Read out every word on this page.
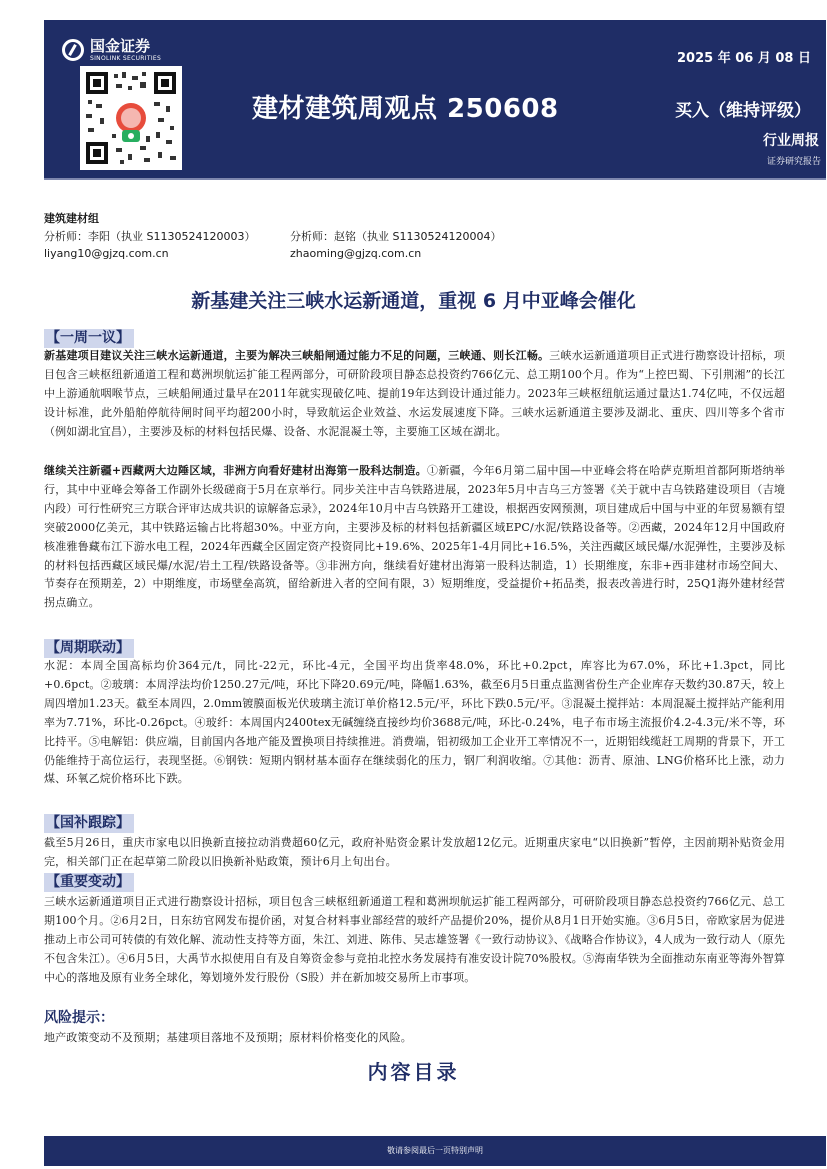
国金证券
SINOLINK SECURITIES	2025 年 06 月 08 日
建材建筑周观点 250608	买入（维持评级）
行业周报
证券研究报告
建筑建材组
分析师：李阳（执业 S1130524120003）	分析师：赵铭（执业 S1130524120004）
liyang10@gjzq.com.cn	zhaoming@gjzq.com.cn
新基建关注三峡水运新通道，重视 6 月中亚峰会催化
【一周一议】
新基建项目建议关注三峡水运新通道，主要为解决三峡船闸通过能力不足的问题，三峡通、则长江畅。三峡水运新通道项目正式进行勘察设计招标，项目包含三峡枢纽新通道工程和葛洲坝航运扩能工程两部分，可研阶段项目静态总投资约766亿元、总工期100个月。作为“上控巴蜀、下引荆湘”的长江中上游通航咽喉节点，三峡船闸通过量早在2011年就实现破亿吨、提前19年达到设计通过能力。2023年三峡枢纽航运通过量达1.74亿吨，不仅远超设计标准，此外船舶停航待闸时间平均超200小时，导致航运企业效益、水运发展速度下降。三峡水运新通道主要涉及湖北、重庆、四川等多个省市（例如湖北宜昌），主要涉及标的材料包括民爆、设备、水泥混凝土等，主要施工区域在湖北。
继续关注新疆+西藏两大边陲区域，非洲方向看好建材出海第一股科达制造。①新疆，今年6月第二届中国—中亚峰会将在哈萨克斯坦首都阿斯塔纳举行，其中中亚峰会筹备工作副外长级磋商于5月在京举行。同步关注中吉乌铁路进展，2023年5月中吉乌三方签署《关于就中吉乌铁路建设项目（吉境内段）可行性研究三方联合评审达成共识的谅解备忘录》，2024年10月中吉乌铁路开工建设，根据西安网预测，项目建成后中国与中亚的年贸易额有望突破2000亿美元，其中铁路运输占比将超30%。中亚方向，主要涉及标的材料包括新疆区域EPC/水泥/铁路设备等。②西藏，2024年12月中国政府核准雅鲁藏布江下游水电工程，2024年西藏全区固定资产投资同比+19.6%、2025年1-4月同比+16.5%，关注西藏区域民爆/水泥弹性，主要涉及标的材料包括西藏区域民爆/水泥/岩土工程/铁路设备等。③非洲方向，继续看好建材出海第一股科达制造，1）长期维度，东非+西非建材市场空间大、节奏存在预期差，2）中期维度，市场壁垒高筑，留给新进入者的空间有限，3）短期维度，受益提价+拓品类，报表改善进行时，25Q1海外建材经营拐点确立。
【周期联动】
水泥：本周全国高标均价364元/t，同比-22元，环比-4元，全国平均出货率48.0%，环比+0.2pct，库容比为67.0%，环比+1.3pct，同比+0.6pct。②玻璃：本周浮法均价1250.27元/吨，环比下降20.69元/吨，降幅1.63%，截至6月5日重点监测省份生产企业库存天数约30.87天，较上周四增加1.23天。截至本周四，2.0mm镀膜面板光伏玻璃主流订单价格12.5元/平，环比下跌0.5元/平。③混凝土搅拌站：本周混凝土搅拌站产能利用率为7.71%，环比-0.26pct。④玻纤：本周国内2400tex无碱缠绕直接纱均价3688元/吨，环比-0.24%，电子布市场主流报价4.2-4.3元/米不等，环比持平。⑤电解铝：供应端，目前国内各地产能及置换项目持续推进。消费端，铝初级加工企业开工率情况不一，近期铝线缆赶工周期的背景下，开工仍能维持于高位运行，表现坚挺。⑥钢铁：短期内钢材基本面存在继续弱化的压力，钢厂利润收缩。⑦其他：沥青、原油、LNG价格环比上涨，动力煤、环氧乙烷价格环比下跌。
【国补跟踪】
截至5月26日，重庆市家电以旧换新直接拉动消费超60亿元，政府补贴资金累计发放超12亿元。近期重庆家电“以旧换新”暂停，主因前期补贴资金用完，相关部门正在起草第二阶段以旧换新补贴政策，预计6月上旬出台。
【重要变动】
三峡水运新通道项目正式进行勘察设计招标，项目包含三峡枢纽新通道工程和葛洲坝航运扩能工程两部分，可研阶段项目静态总投资约766亿元、总工期100个月。②6月2日，日东纺官网发布提价函，对复合材料事业部经营的玻纤产品提价20%，提价从8月1日开始实施。③6月5日，帝欧家居为促进推动上市公司可转债的有效化解、流动性支持等方面，朱江、刘进、陈伟、吴志雄签署《一致行动协议》、《战略合作协议》，4人成为一致行动人（原先不包含朱江）。④6月5日，大禹节水拟使用自有及自筹资金参与竞拍北控水务发展持有准安设计院70%股权。⑤海南华铁为全面推动东南亚等海外智算中心的落地及原有业务全球化，筹划境外发行股份（S股）并在新加坡交易所上市事项。
风险提示：
地产政策变动不及预期；基建项目落地不及预期；原材料价格变化的风险。
内容目录
敬请参阅最后一页特别声明
